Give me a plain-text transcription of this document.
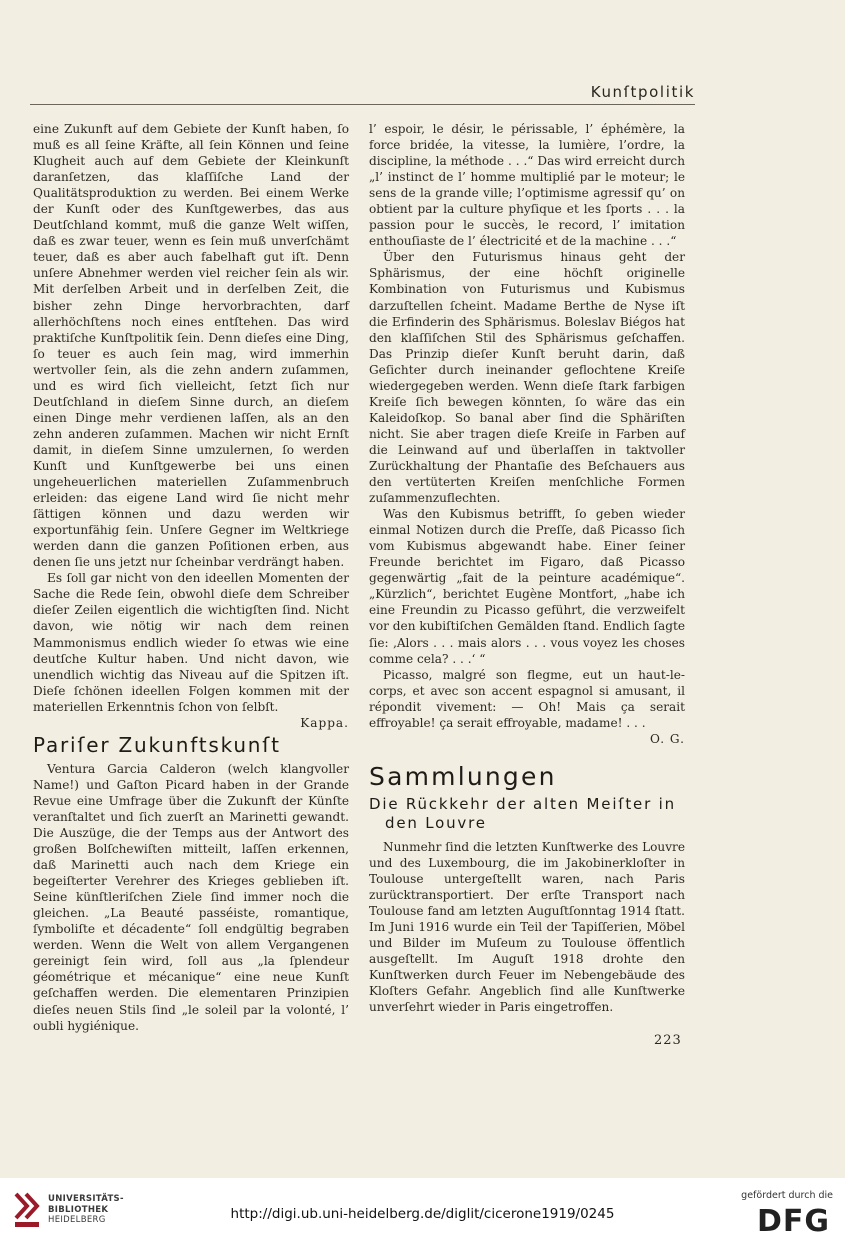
Kunſtpolitik

eine Zukunft auf dem Gebiete der Kunſt haben, ſo muß es all ſeine Kräfte, all ſein Können und ſeine Klugheit auch auf dem Gebiete der Kleinkunſt daranſetzen, das klaſſiſche Land der Qualitätsproduktion zu werden. Bei einem Werke der Kunſt oder des Kunſtgewerbes, das aus Deutſchland kommt, muß die ganze Welt wiſſen, daß es zwar teuer, wenn es ſein muß unverſchämt teuer, daß es aber auch fabelhaft gut iſt. Denn unſere Abnehmer werden viel reicher ſein als wir. Mit derſelben Arbeit und in derſelben Zeit, die bisher zehn Dinge hervorbrachten, darf allerhöchſtens noch eines entſtehen. Das wird praktiſche Kunſtpolitik ſein. Denn dieſes eine Ding, ſo teuer es auch ſein mag, wird immerhin wertvoller ſein, als die zehn andern zuſammen, und es wird ſich vielleicht, ſetzt ſich nur Deutſchland in dieſem Sinne durch, an dieſem einen Dinge mehr verdienen laſſen, als an den zehn anderen zuſammen. Machen wir nicht Ernſt damit, in dieſem Sinne umzulernen, ſo werden Kunſt und Kunſtgewerbe bei uns einen ungeheuerlichen materiellen Zuſammenbruch erleiden: das eigene Land wird ſie nicht mehr ſättigen können und dazu werden wir exportunfähig ſein. Unſere Gegner im Weltkriege werden dann die ganzen Poſitionen erben, aus denen ſie uns jetzt nur ſcheinbar verdrängt haben.

Es ſoll gar nicht von den ideellen Momenten der Sache die Rede ſein, obwohl dieſe dem Schreiber dieſer Zeilen eigentlich die wichtigſten ſind. Nicht davon, wie nötig wir nach dem reinen Mammonismus endlich wieder ſo etwas wie eine deutſche Kultur haben. Und nicht davon, wie unendlich wichtig das Niveau auf die Spitzen iſt. Dieſe ſchönen ideellen Folgen kommen mit der materiellen Erkenntnis ſchon von ſelbſt.

Kappa.

Pariſer Zukunftskunſt

Ventura Garcia Calderon (welch klangvoller Name!) und Gaſton Picard haben in der Grande Revue eine Umfrage über die Zukunft der Künſte veranſtaltet und ſich zuerſt an Marinetti gewandt. Die Auszüge, die der Temps aus der Antwort des großen Bolſchewiſten mitteilt, laſſen erkennen, daß Marinetti auch nach dem Kriege ein begeiſterter Verehrer des Krieges geblieben iſt. Seine künſtleriſchen Ziele ſind immer noch die gleichen. „La Beauté passéiste, romantique, ſymboliſte et décadente“ ſoll endgültig begraben werden. Wenn die Welt von allem Vergangenen gereinigt ſein wird, ſoll aus „la ſplendeur géométrique et mécanique“ eine neue Kunſt geſchaffen werden. Die elementaren Prinzipien dieſes neuen Stils ſind „le soleil par la volonté, l’ oubli hygiénique.

l’ espoir, le désir, le périssable, l’ éphémère, la force bridée, la vitesse, la lumière, l’ordre, la discipline, la méthode . . .“ Das wird erreicht durch „l’ instinct de l’ homme multiplié par le moteur; le sens de la grande ville; l’optimisme agressif qu’ on obtient par la culture phyſique et les ſports . . . la passion pour le succès, le record, l’ imitation enthouſiaste de l’ électricité et de la machine . . .“

Über den Futurismus hinaus geht der Sphärismus, der eine höchſt originelle Kombination von Futurismus und Kubismus darzuſtellen ſcheint. Madame Berthe de Nyse iſt die Erfinderin des Sphärismus. Boleslav Biégos hat den klaſſiſchen Stil des Sphärismus geſchaffen. Das Prinzip dieſer Kunſt beruht darin, daß Geſichter durch ineinander geflochtene Kreiſe wiedergegeben werden. Wenn dieſe ſtark farbigen Kreiſe ſich bewegen könnten, ſo wäre das ein Kaleidoſkop. So banal aber ſind die Sphäriſten nicht. Sie aber tragen dieſe Kreiſe in Farben auf die Leinwand auf und überlaſſen in taktvoller Zurückhaltung der Phantaſie des Beſchauers aus den vertüterten Kreiſen menſchliche Formen zuſammenzuflechten.

Was den Kubismus betrifft, ſo geben wieder einmal Notizen durch die Preſſe, daß Picasso ſich vom Kubismus abgewandt habe. Einer ſeiner Freunde berichtet im Figaro, daß Picasso gegenwärtig „fait de la peinture académique“. „Kürzlich“, berichtet Eugène Montfort, „habe ich eine Freundin zu Picasso geführt, die verzweifelt vor den kubiſtiſchen Gemälden ſtand. Endlich ſagte ſie: ‚Alors . . . mais alors . . . vous voyez les choses comme cela? . . .‘ “

Picasso, malgré son flegme, eut un haut-le-corps, et avec son accent espagnol si amusant, il répondit vivement: — Oh! Mais ça serait effroyable! ça serait effroyable, madame! . . .

O. G.

Sammlungen
Die Rückkehr der alten Meiſter in
den Louvre

Nunmehr ſind die letzten Kunſtwerke des Louvre und des Luxembourg, die im Jakobinerkloſter in Toulouse untergeſtellt waren, nach Paris zurücktransportiert. Der erſte Transport nach Toulouse fand am letzten Auguſtſonntag 1914 ſtatt. Im Juni 1916 wurde ein Teil der Tapiſſerien, Möbel und Bilder im Muſeum zu Toulouse öffentlich ausgeſtellt. Im Auguſt 1918 drohte den Kunſtwerken durch Feuer im Nebengebäude des Kloſters Gefahr. Angeblich ſind alle Kunſtwerke unverſehrt wieder in Paris eingetroffen.

223
UNIVERSITÄTS-
BIBLIOTHEK
HEIDELBERG	http://digi.ub.uni-heidelberg.de/diglit/cicerone1919/0245
gefördert durch die
DFG
